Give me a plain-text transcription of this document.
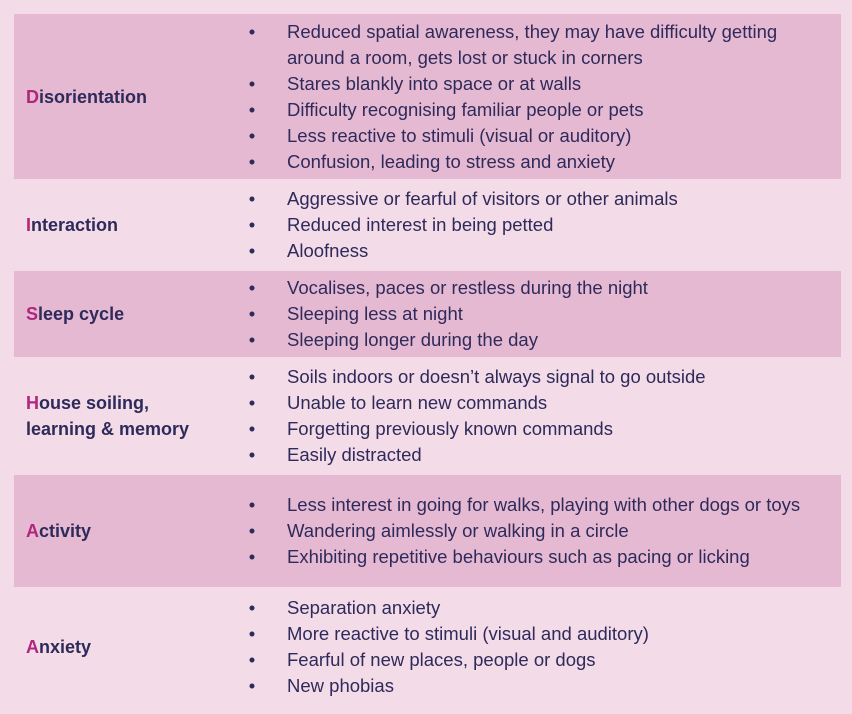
Disorientation
• Reduced spatial awareness, they may have difficulty getting around a room, gets lost or stuck in corners
• Stares blankly into space or at walls
• Difficulty recognising familiar people or pets
• Less reactive to stimuli (visual or auditory)
• Confusion, leading to stress and anxiety
Interaction
• Aggressive or fearful of visitors or other animals
• Reduced interest in being petted
• Aloofness
Sleep cycle
• Vocalises, paces or restless during the night
• Sleeping less at night
• Sleeping longer during the day
House soiling,
learning & memory
• Soils indoors or doesn’t always signal to go outside
• Unable to learn new commands
• Forgetting previously known commands
• Easily distracted
Activity
• Less interest in going for walks, playing with other dogs or toys
• Wandering aimlessly or walking in a circle
• Exhibiting repetitive behaviours such as pacing or licking
Anxiety
• Separation anxiety
• More reactive to stimuli (visual and auditory)
• Fearful of new places, people or dogs
• New phobias
